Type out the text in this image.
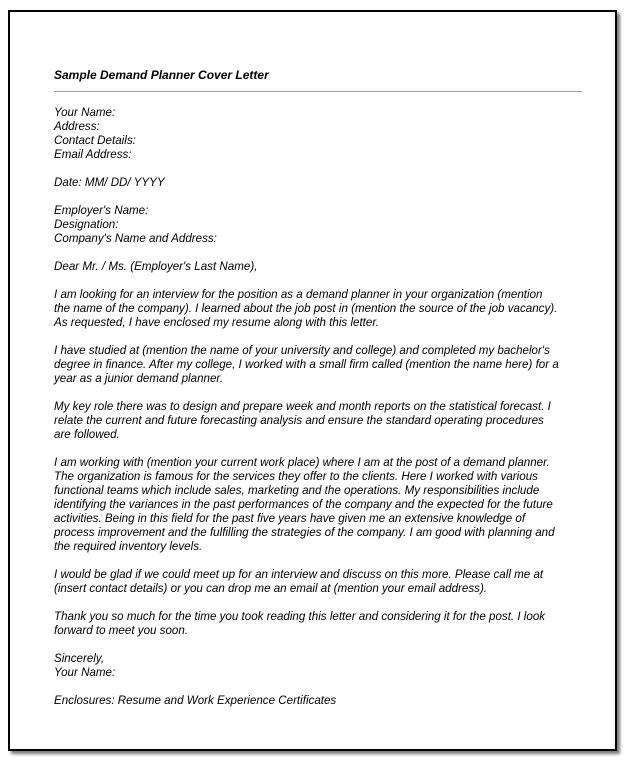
Sample Demand Planner Cover Letter
Your Name:
Address:
Contact Details:
Email Address:
Date: MM/ DD/ YYYY
Employer's Name:
Designation:
Company's Name and Address:
Dear Mr. / Ms. (Employer's Last Name),
I am looking for an interview for the position as a demand planner in your organization (mention
the name of the company). I learned about the job post in (mention the source of the job vacancy).
As requested, I have enclosed my resume along with this letter.
I have studied at (mention the name of your university and college) and completed my bachelor's
degree in finance. After my college, I worked with a small firm called (mention the name here) for a
year as a junior demand planner.
My key role there was to design and prepare week and month reports on the statistical forecast. I
relate the current and future forecasting analysis and ensure the standard operating procedures
are followed.
I am working with (mention your current work place) where I am at the post of a demand planner.
The organization is famous for the services they offer to the clients. Here I worked with various
functional teams which include sales, marketing and the operations. My responsibilities include
identifying the variances in the past performances of the company and the expected for the future
activities. Being in this field for the past five years have given me an extensive knowledge of
process improvement and the fulfilling the strategies of the company. I am good with planning and
the required inventory levels.
I would be glad if we could meet up for an interview and discuss on this more. Please call me at
(insert contact details) or you can drop me an email at (mention your email address).
Thank you so much for the time you took reading this letter and considering it for the post. I look
forward to meet you soon.
Sincerely,
Your Name:
Enclosures: Resume and Work Experience Certificates
